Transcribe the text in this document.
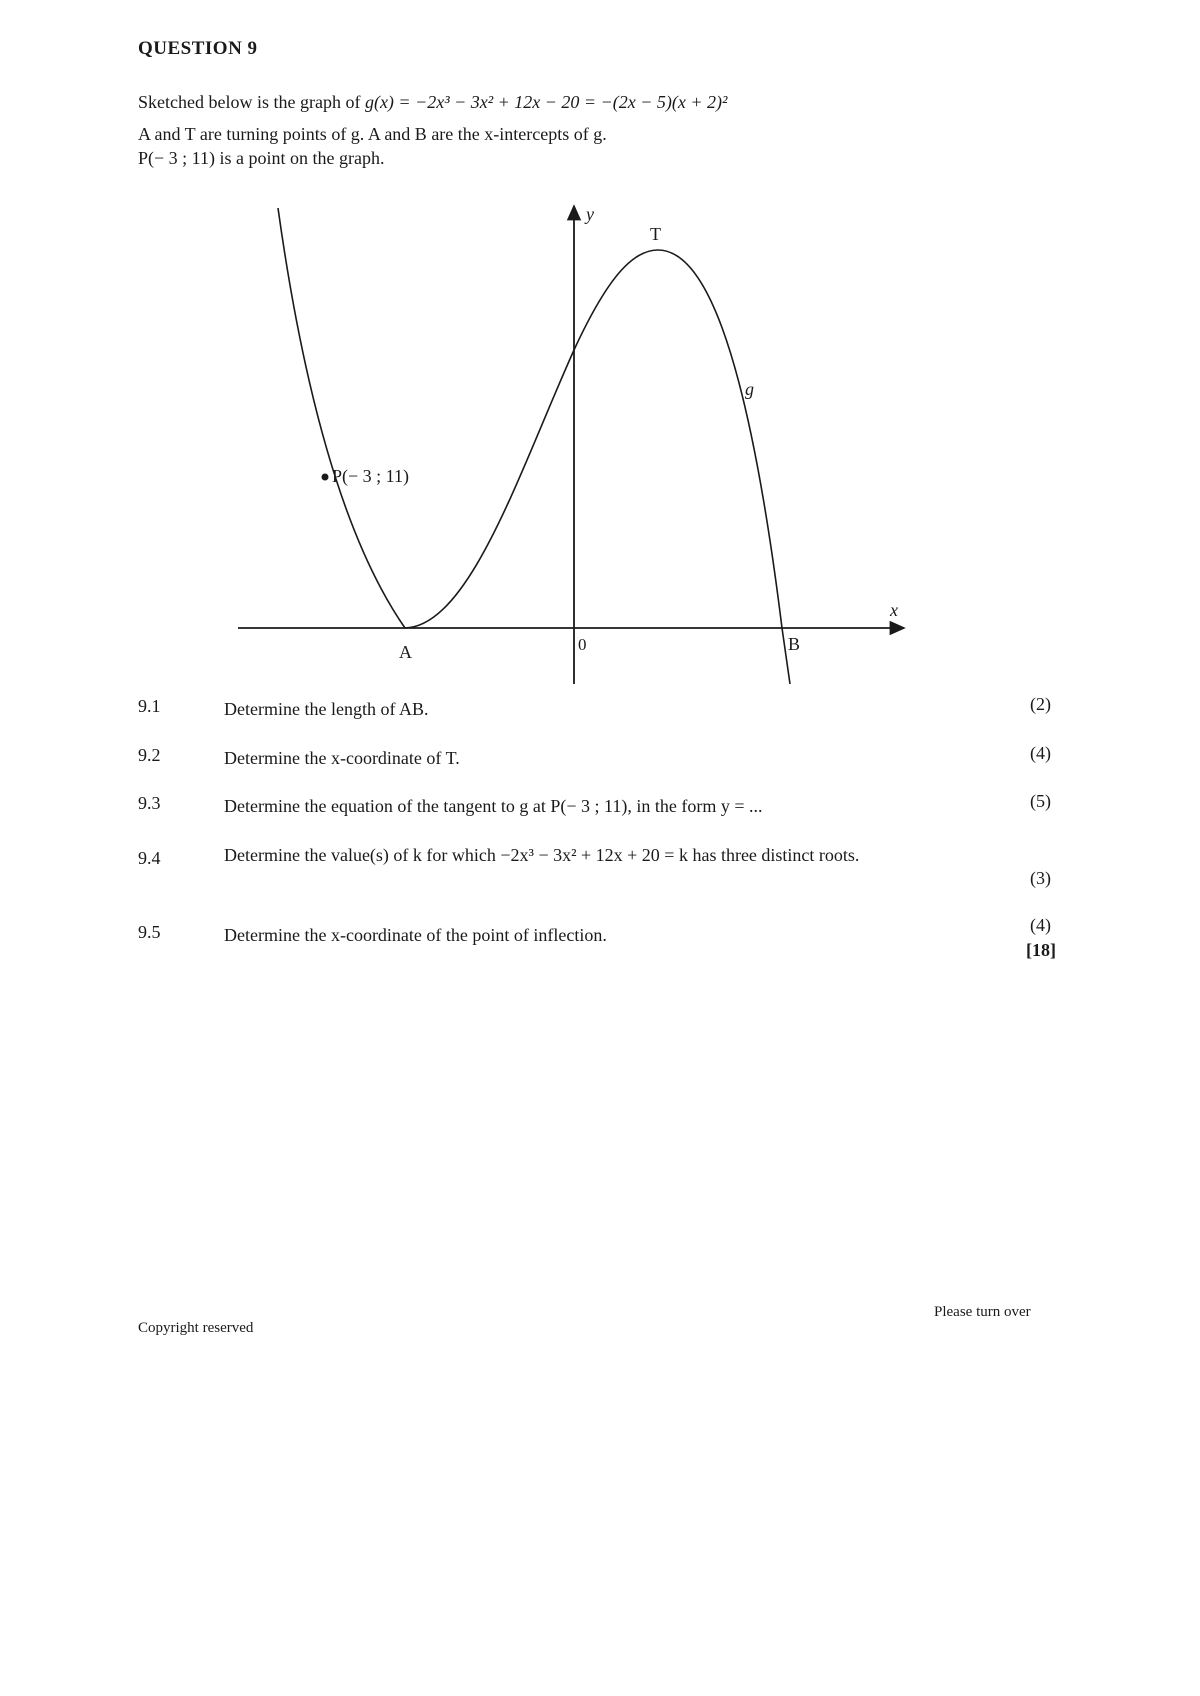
QUESTION 9
Sketched below is the graph of g(x) = −2x³ − 3x² + 12x − 20 = −(2x − 5)(x + 2)²
A and T are turning points of g. A and B are the x-intercepts of g.
P(− 3 ; 11) is a point on the graph.
y
x
0
A	B
T
g
P(− 3 ; 11)
9.1	Determine the length of AB.	(2)
9.2	Determine the x-coordinate of T.	(4)
9.3	Determine the equation of the tangent to g at P(− 3 ; 11), in the form y = ...	(5)
9.4	Determine the value(s) of k for which −2x³ − 3x² + 12x + 20 = k has three distinct roots.
(3)
9.5	Determine the x-coordinate of the point of inflection.	(4)
[18]
Copyright reserved
Please turn over
